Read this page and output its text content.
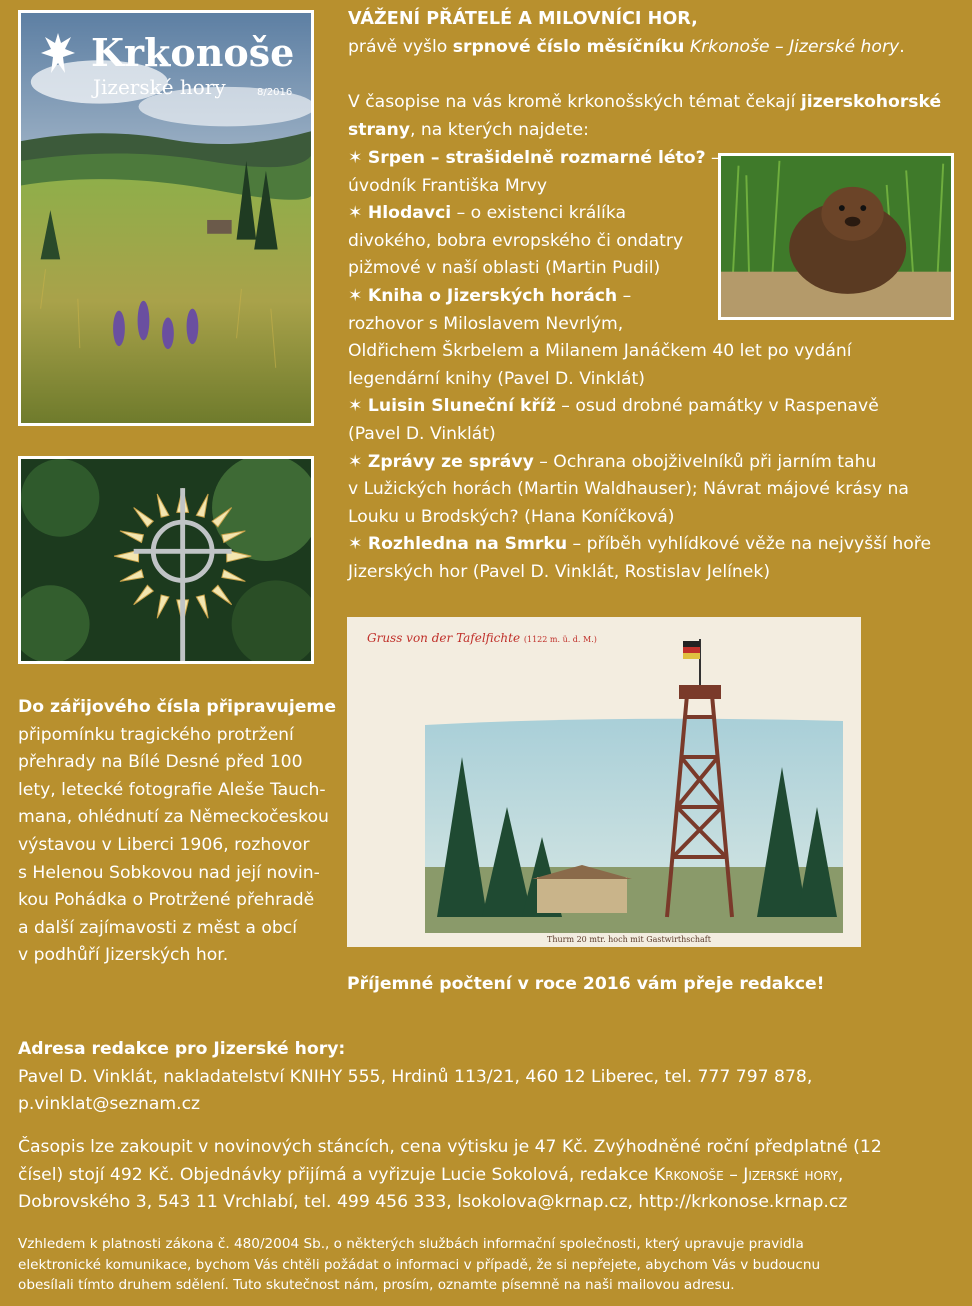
Krkonoše
Jizerské hory	8/2016
Gruss von der Tafelfichte (1122 m. ü. d. M.)
Thurm 20 mtr. hoch mit Gastwirthschaft
VÁŽENÍ PŘÁTELÉ A MILOVNÍCI HOR,
právě vyšlo srpnové číslo měsíčníku Krkonoše – Jizerské hory.
V časopise na vás kromě krkonošských témat čekají jizerskohorské strany, na kterých najdete:
✶ Srpen – strašidelně rozmarné léto? –
úvodník Františka Mrvy
✶ Hlodavci – o existenci králíka
divokého, bobra evropského či ondatry
pižmové v naší oblasti (Martin Pudil)
✶ Kniha o Jizerských horách –
rozhovor s Miloslavem Nevrlým,
Oldřichem Škrbelem a Milanem Janáčkem 40 let po vydání
legendární knihy (Pavel D. Vinklát)
✶ Luisin Sluneční kříž – osud drobné památky v Raspenavě
(Pavel D. Vinklát)
✶ Zprávy ze správy – Ochrana obojživelníků při jarním tahu
v Lužických horách (Martin Waldhauser); Návrat májové krásy na
Louku u Brodských? (Hana Koníčková)
✶ Rozhledna na Smrku – příběh vyhlídkové věže na nejvyšší hoře
Jizerských hor (Pavel D. Vinklát, Rostislav Jelínek)
Do zářijového čísla připravujeme
připomínku tragického protržení
přehrady na Bílé Desné před 100
lety, letecké fotografie Aleše Tauch-
mana, ohlédnutí za Německočeskou
výstavou v Liberci 1906, rozhovor
s Helenou Sobkovou nad její novin-
kou Pohádka o Protržené přehradě
a další zajímavosti z měst a obcí
v podhůří Jizerských hor.
Příjemné počtení v roce 2016 vám přeje redakce!
Adresa redakce pro Jizerské hory:
Pavel D. Vinklát, nakladatelství KNIHY 555, Hrdinů 113/21, 460 12 Liberec, tel. 777 797 878,
p.vinklat@seznam.cz
Časopis lze zakoupit v novinových stáncích, cena výtisku je 47 Kč. Zvýhodněné roční předplatné (12
čísel) stojí 492 Kč. Objednávky přijímá a vyřizuje Lucie Sokolová, redakce Krkonoše – Jizerské hory,
Dobrovského 3, 543 11 Vrchlabí, tel. 499 456 333, lsokolova@krnap.cz, http://krkonose.krnap.cz
Vzhledem k platnosti zákona č. 480/2004 Sb., o některých službách informační společnosti, který upravuje pravidla
elektronické komunikace, bychom Vás chtěli požádat o informaci v případě, že si nepřejete, abychom Vás v budoucnu
obesílali tímto druhem sdělení. Tuto skutečnost nám, prosím, oznamte písemně na naši mailovou adresu.
